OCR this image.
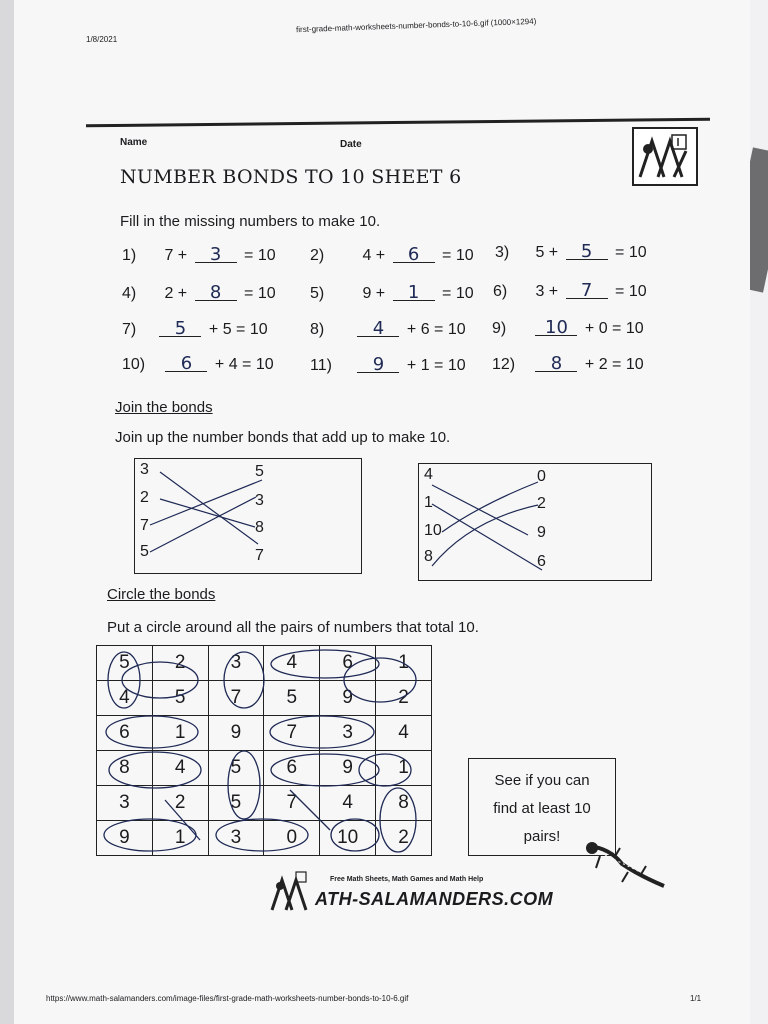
1/8/2021
first-grade-math-worksheets-number-bonds-to-10-6.gif (1000×1294)
Name	Date
NUMBER BONDS TO 10 SHEET 6
Fill in the missing numbers to make 10.
1) 7 + 3 = 10 2) 4 + 6 = 10 3) 5 + 5 = 10
4) 2 + 8 = 10 5) 9 + 1 = 10 6) 3 + 7 = 10
7) 5 + 5 = 10	8)	4 + 6 = 10 9) 10 + 0 = 10
10) 6 + 4 = 10 11) 9 + 1 = 10 12) 8 + 2 = 10
Join the bonds
Join up the number bonds that add up to make 10.
3
2
7
5
5
3
8
7
4
1
10
8
0
2
9
6
Circle the bonds
Put a circle around all the pairs of numbers that total 10.
5	2	3	4	6	1
4	5	7	5	9	2
6	1	9	7	3	4
8	4	5	6	9	1
3	2	5	7	4	8
9	1	3	0	10	2
See if you can
find at least 10
pairs!
Free Math Sheets, Math Games and Math Help
ATH-SALAMANDERS.COM
https://www.math-salamanders.com/image-files/first-grade-math-worksheets-number-bonds-to-10-6.gif	1/1
